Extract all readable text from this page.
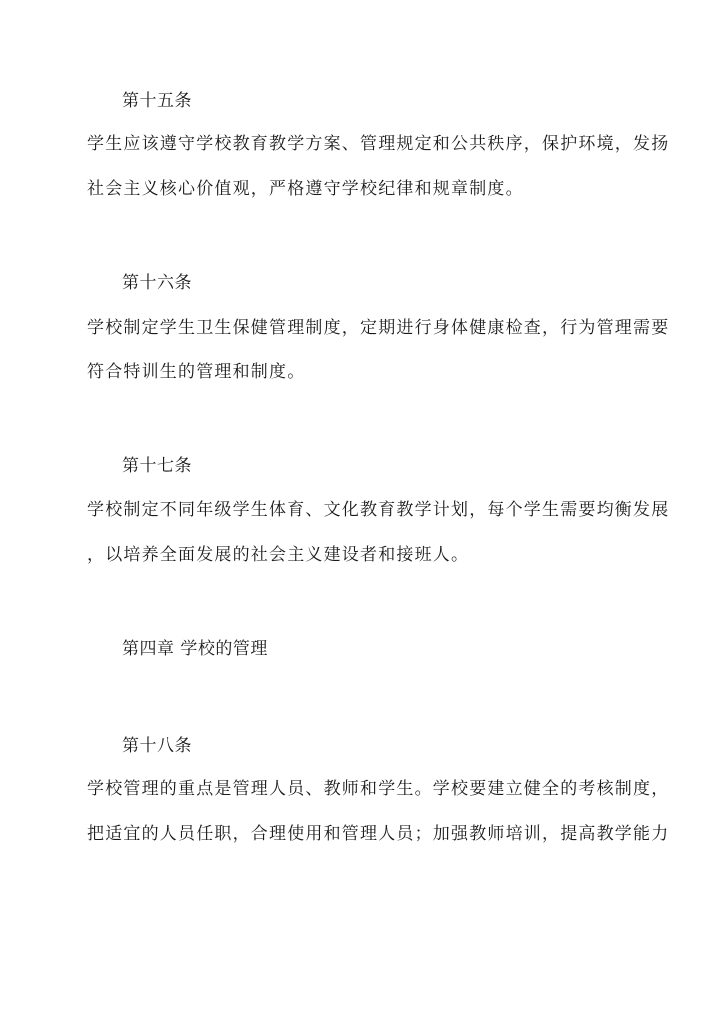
第十五条
学生应该遵守学校教育教学方案、管理规定和公共秩序，保护环境，发扬
社会主义核心价值观，严格遵守学校纪律和规章制度。
第十六条
学校制定学生卫生保健管理制度，定期进行身体健康检查，行为管理需要
符合特训生的管理和制度。
第十七条
学校制定不同年级学生体育、文化教育教学计划，每个学生需要均衡发展
，以培养全面发展的社会主义建设者和接班人。
第四章 学校的管理
第十八条
学校管理的重点是管理人员、教师和学生。学校要建立健全的考核制度，
把适宜的人员任职，合理使用和管理人员；加强教师培训，提高教学能力
